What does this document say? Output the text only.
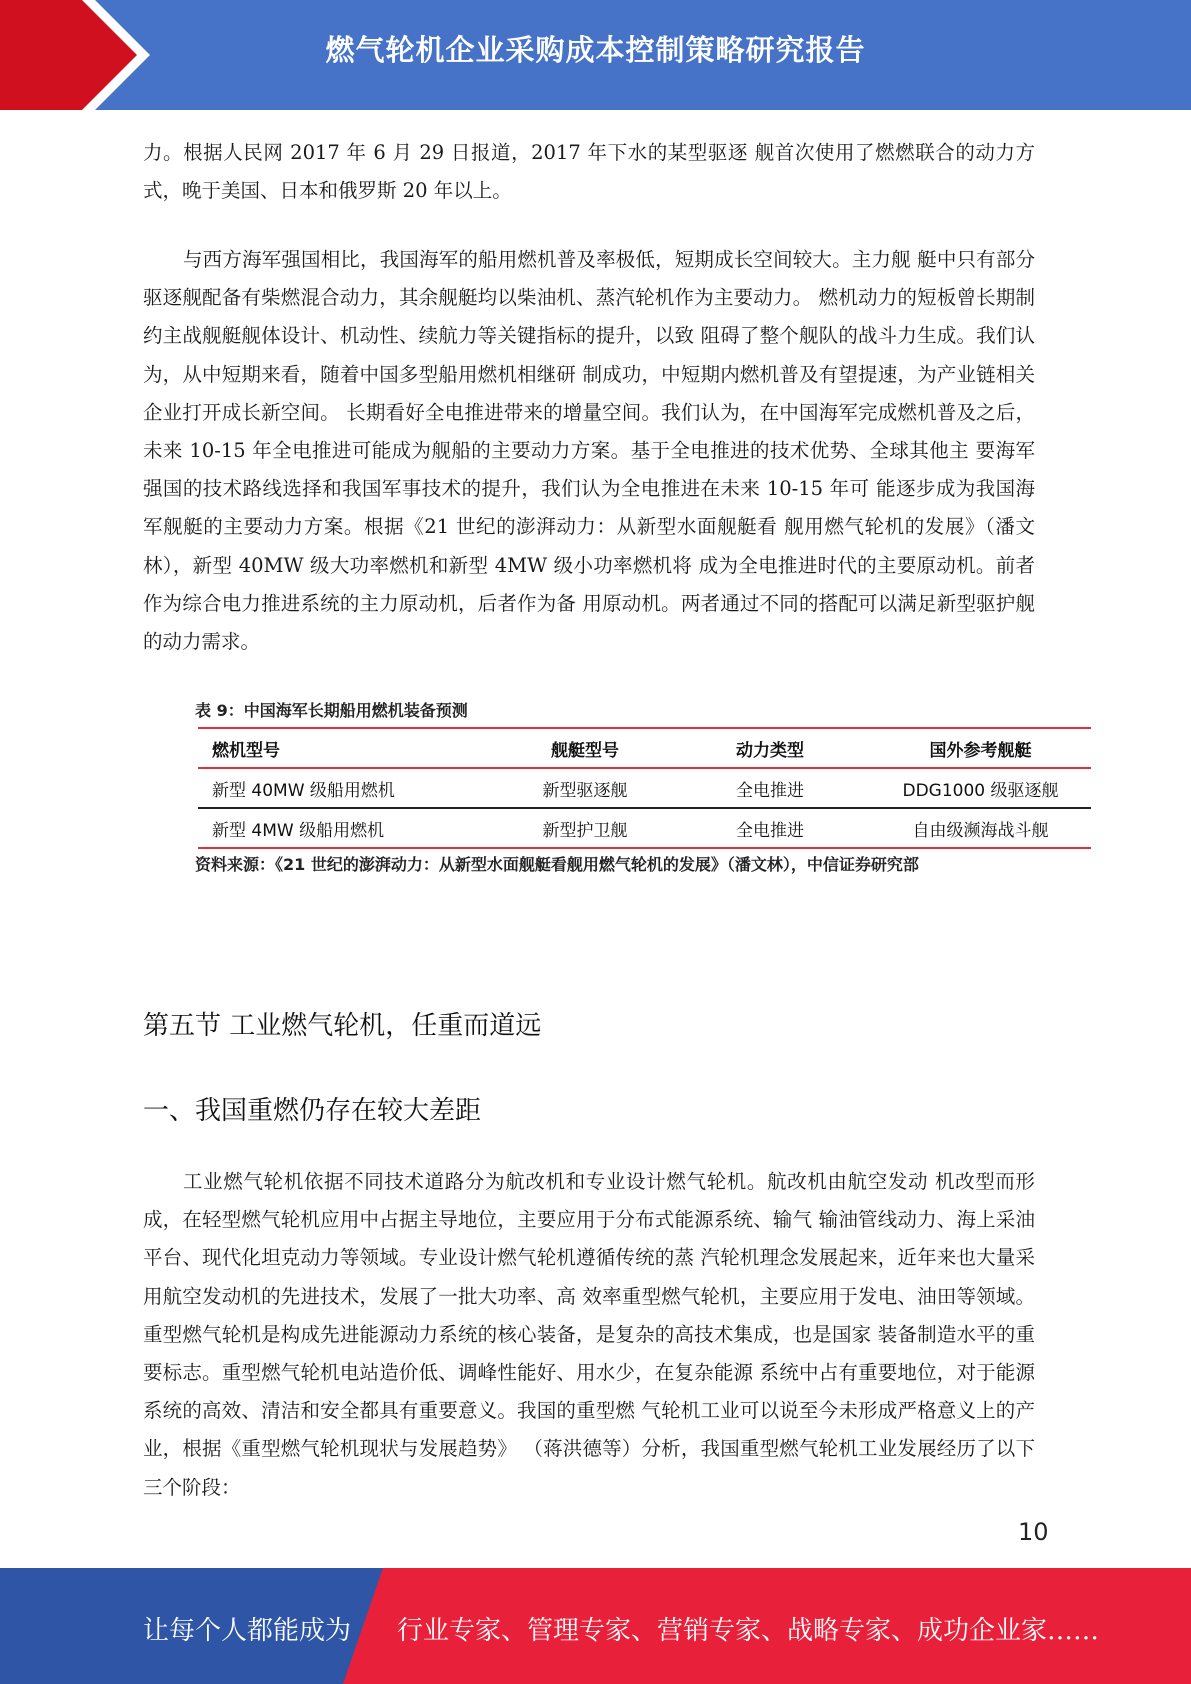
燃气轮机企业采购成本控制策略研究报告

力。根据人民网 2017 年 6 月 29 日报道，2017 年下水的某型驱逐 舰首次使用了燃燃联合的动力方式，晚于美国、日本和俄罗斯 20 年以上。

与西方海军强国相比，我国海军的船用燃机普及率极低，短期成长空间较大。主力舰 艇中只有部分驱逐舰配备有柴燃混合动力，其余舰艇均以柴油机、蒸汽轮机作为主要动力。 燃机动力的短板曾长期制约主战舰艇舰体设计、机动性、续航力等关键指标的提升，以致 阻碍了整个舰队的战斗力生成。我们认为，从中短期来看，随着中国多型船用燃机相继研 制成功，中短期内燃机普及有望提速，为产业链相关企业打开成长新空间。 长期看好全电推进带来的增量空间。我们认为，在中国海军完成燃机普及之后，未来 10-15 年全电推进可能成为舰船的主要动力方案。基于全电推进的技术优势、全球其他主 要海军强国的技术路线选择和我国军事技术的提升，我们认为全电推进在未来 10-15 年可 能逐步成为我国海军舰艇的主要动力方案。根据《21 世纪的澎湃动力：从新型水面舰艇看 舰用燃气轮机的发展》（潘文林），新型 40MW 级大功率燃机和新型 4MW 级小功率燃机将 成为全电推进时代的主要原动机。前者作为综合电力推进系统的主力原动机，后者作为备 用原动机。两者通过不同的搭配可以满足新型驱护舰的动力需求。

表 9：中国海军长期船用燃机装备预测
燃机型号	舰艇型号	动力类型	国外参考舰艇
新型 40MW 级船用燃机	新型驱逐舰	全电推进	DDG1000 级驱逐舰
新型 4MW 级船用燃机	新型护卫舰	全电推进	自由级濒海战斗舰
资料来源：《21 世纪的澎湃动力：从新型水面舰艇看舰用燃气轮机的发展》（潘文林），中信证券研究部
第五节 工业燃气轮机，任重而道远
一、我国重燃仍存在较大差距

工业燃气轮机依据不同技术道路分为航改机和专业设计燃气轮机。航改机由航空发动 机改型而形成，在轻型燃气轮机应用中占据主导地位，主要应用于分布式能源系统、输气 输油管线动力、海上采油平台、现代化坦克动力等领域。专业设计燃气轮机遵循传统的蒸 汽轮机理念发展起来，近年来也大量采用航空发动机的先进技术，发展了一批大功率、高 效率重型燃气轮机，主要应用于发电、油田等领域。 重型燃气轮机是构成先进能源动力系统的核心装备，是复杂的高技术集成，也是国家 装备制造水平的重要标志。重型燃气轮机电站造价低、调峰性能好、用水少，在复杂能源 系统中占有重要地位，对于能源系统的高效、清洁和安全都具有重要意义。我国的重型燃 气轮机工业可以说至今未形成严格意义上的产业，根据《重型燃气轮机现状与发展趋势》 （蒋洪德等）分析，我国重型燃气轮机工业发展经历了以下三个阶段：

10
让每个人都能成为 行业专家、管理专家、营销专家、战略专家、成功企业家……
